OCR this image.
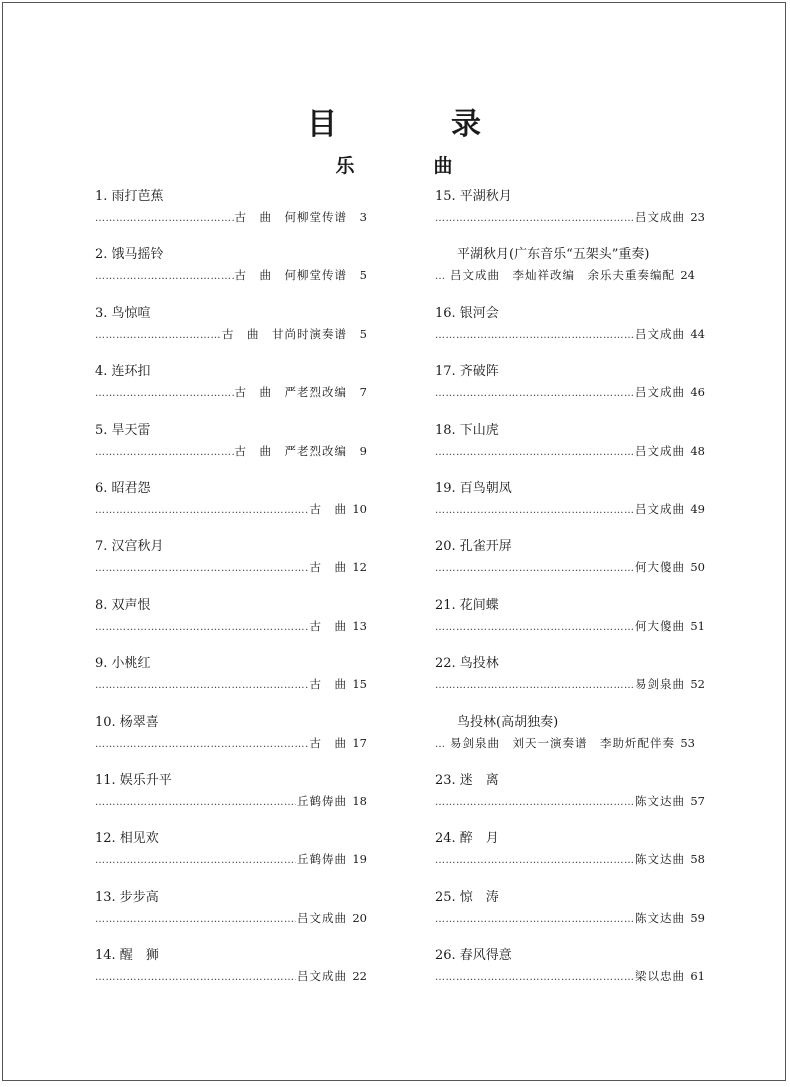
目　录
乐　曲
1. 雨打芭蕉
……………………………………………………………………………………………………………………………………………………………………
古　曲　何柳堂传谱	3
2. 饿马摇铃
……………………………………………………………………………………………………………………………………………………………………
古　曲　何柳堂传谱	5
3. 鸟惊喧
……………………………………………………………………………………………………………………………………………………………………
古　曲　甘尚时演奏谱	5
4. 连环扣
……………………………………………………………………………………………………………………………………………………………………
古　曲　严老烈改编	7
5. 旱天雷
……………………………………………………………………………………………………………………………………………………………………
古　曲　严老烈改编	9
6. 昭君怨
……………………………………………………………………………………………………………………………………………………………………
古　曲 10
7. 汉宫秋月
……………………………………………………………………………………………………………………………………………………………………
古　曲 12
8. 双声恨
……………………………………………………………………………………………………………………………………………………………………
古　曲 13
9. 小桃红
……………………………………………………………………………………………………………………………………………………………………
古　曲 15
10. 杨翠喜
……………………………………………………………………………………………………………………………………………………………………
古　曲 17
11. 娱乐升平
……………………………………………………………………………………………………………………………………………………………………
丘鹤俦曲 18
12. 相见欢
……………………………………………………………………………………………………………………………………………………………………
丘鹤俦曲 19
13. 步步高
……………………………………………………………………………………………………………………………………………………………………
吕文成曲 20
14. 醒　狮
……………………………………………………………………………………………………………………………………………………………………
吕文成曲 22
15. 平湖秋月
……………………………………………………………………………………………………………………………………………………………………
吕文成曲 23
平湖秋月(广东音乐“五架头”重奏)
…
吕文成曲　李灿祥改编　余乐夫重奏编配 24
16. 银河会
……………………………………………………………………………………………………………………………………………………………………
吕文成曲 44
17. 齐破阵
……………………………………………………………………………………………………………………………………………………………………
吕文成曲 46
18. 下山虎
……………………………………………………………………………………………………………………………………………………………………
吕文成曲 48
19. 百鸟朝凤
……………………………………………………………………………………………………………………………………………………………………
吕文成曲 49
20. 孔雀开屏
……………………………………………………………………………………………………………………………………………………………………
何大傻曲 50
21. 花间蝶
……………………………………………………………………………………………………………………………………………………………………
何大傻曲 51
22. 鸟投林
……………………………………………………………………………………………………………………………………………………………………
易剑泉曲 52
鸟投林(高胡独奏)
…
易剑泉曲　刘天一演奏谱　李助炘配伴奏 53
23. 迷　离
……………………………………………………………………………………………………………………………………………………………………
陈文达曲 57
24. 醉　月
……………………………………………………………………………………………………………………………………………………………………
陈文达曲 58
25. 惊　涛
……………………………………………………………………………………………………………………………………………………………………
陈文达曲 59
26. 春风得意
……………………………………………………………………………………………………………………………………………………………………
梁以忠曲 61
